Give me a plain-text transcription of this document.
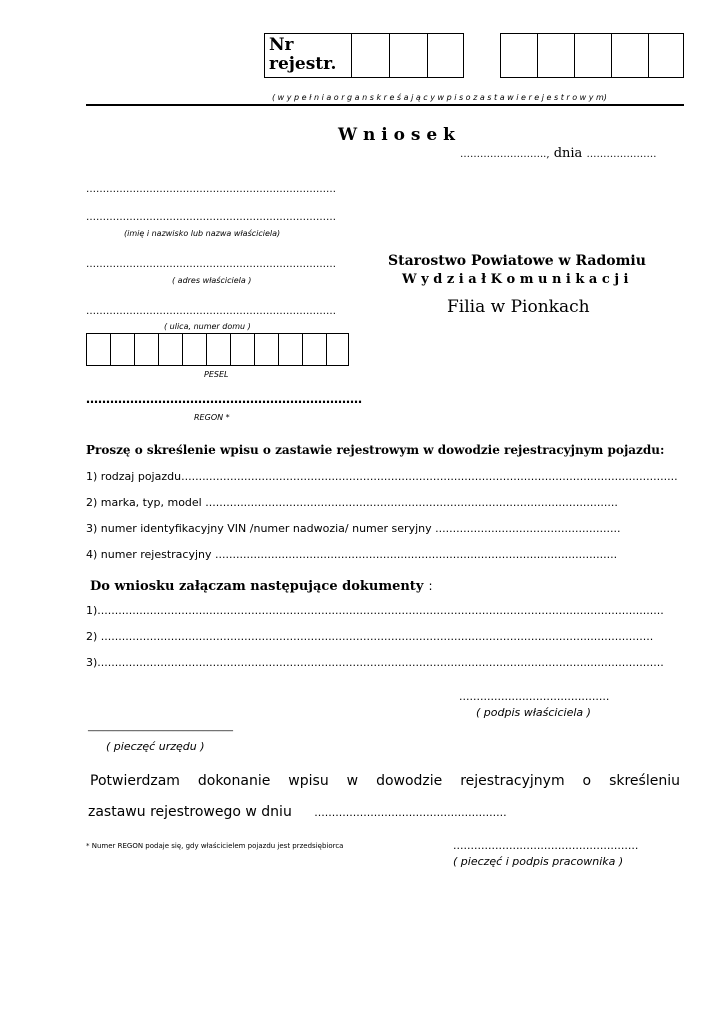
Nr
rejestr.
( w y p e ł n i a o r g a n s k r e ś a j ą c y w p i s o z a s t a w i e r e j e s t r o w y m)
W n i o s e k
…………………….., dnia …………………
…………………………………………………………………
…………………………………………………………………
(imię i nazwisko lub nazwa właściciela)
…………………………………………………………………
( adres właściciela )
…………………………………………………………………
( ulica, numer domu )
PESEL
……………………………………………………………
REGON *
Starostwo Powiatowe w Radomiu
W y d z i a ł K o m u n i k a c j i
Filia w Pionkach
Proszę o skreślenie wpisu o zastawie rejestrowym w dowodzie rejestracyjnym pojazdu:
1) rodzaj pojazdu..............................................................................................................................................
2) marka, typ, model ......................................................................................................................
3) numer identyfikacyjny VIN /numer nadwozia/ numer seryjny .....................................................
4) numer rejestracyjny ...................................................................................................................
Do wniosku załączam następujące dokumenty :
1)..................................................................................................................................................................
2) ..............................................................................................................................................................
3)..................................................................................................................................................................
...........................................
( podpis właściciela )
_____________________________
( pieczęć urzędu )
Potwierdzam dokonanie wpisu w dowodzie rejestracyjnym o skreśleniu
zastawu rejestrowego w dniu .......................................................
* Numer REGON podaje się, gdy właścicielem pojazdu jest przedsiębiorca	.....................................................
( pieczęć i podpis pracownika )
